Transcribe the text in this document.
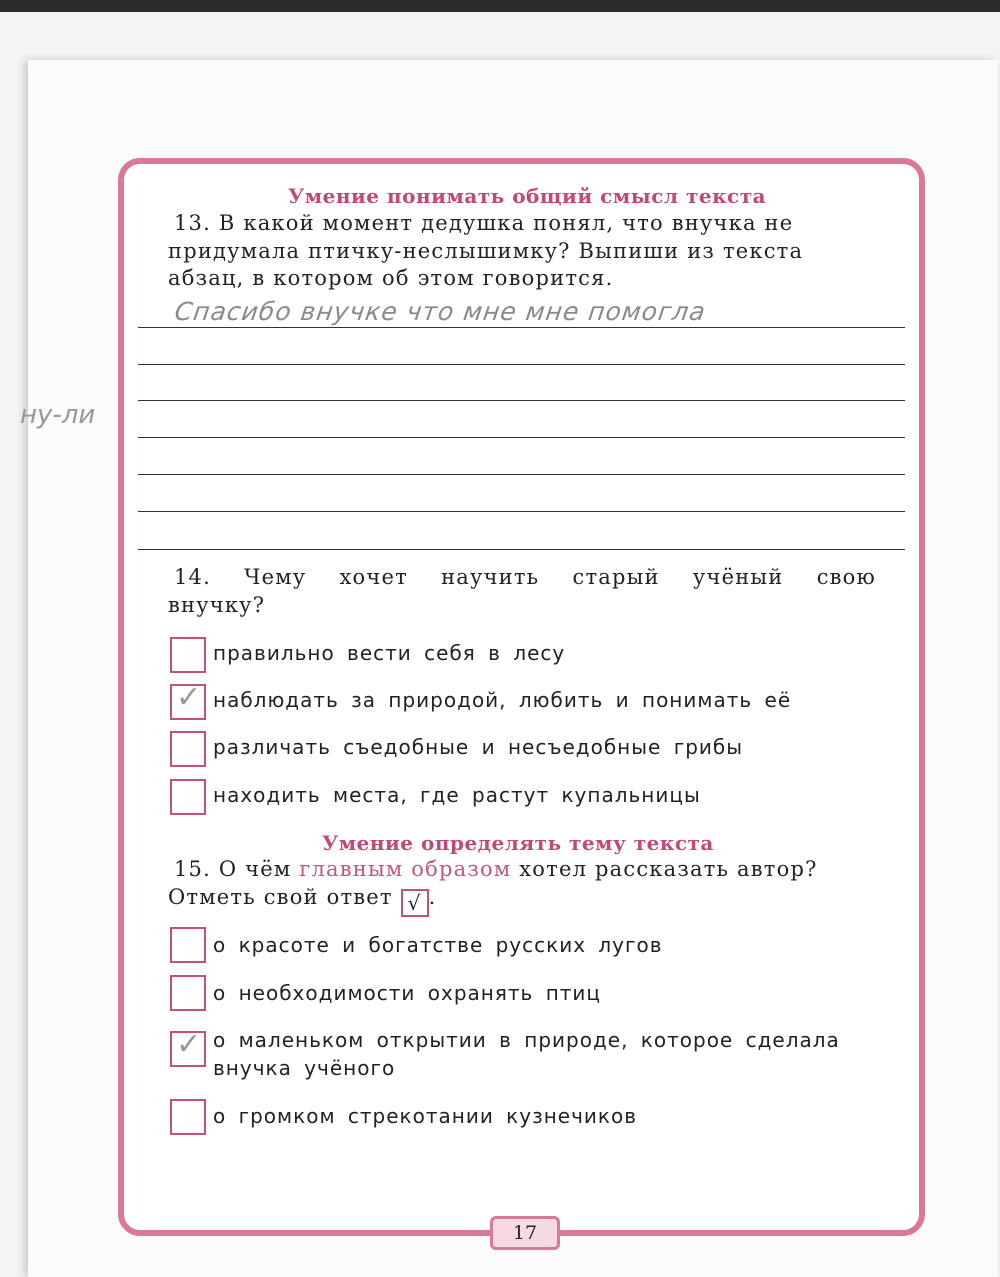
ну-ли
Умение понимать общий смысл текста
13. В какой момент дедушка понял, что внучка не
придумала птичку-неслышимку? Выпиши из текста
абзац, в котором об этом говорится.
Спасибо внучке что мне мне помогла
14. Чему хочет научить старый учёный свою
внучку?
правильно вести себя в лесу
✓ наблюдать за природой, любить и понимать её
различать съедобные и несъедобные грибы
находить места, где растут купальницы
Умение определять тему текста
15. О чём главным образом хотел рассказать автор?
Отметь свой ответ √ .
о красоте и богатстве русских лугов
о необходимости охранять птиц
✓ о маленьком открытии в природе, которое сделала
внучка учёного
о громком стрекотании кузнечиков
17
